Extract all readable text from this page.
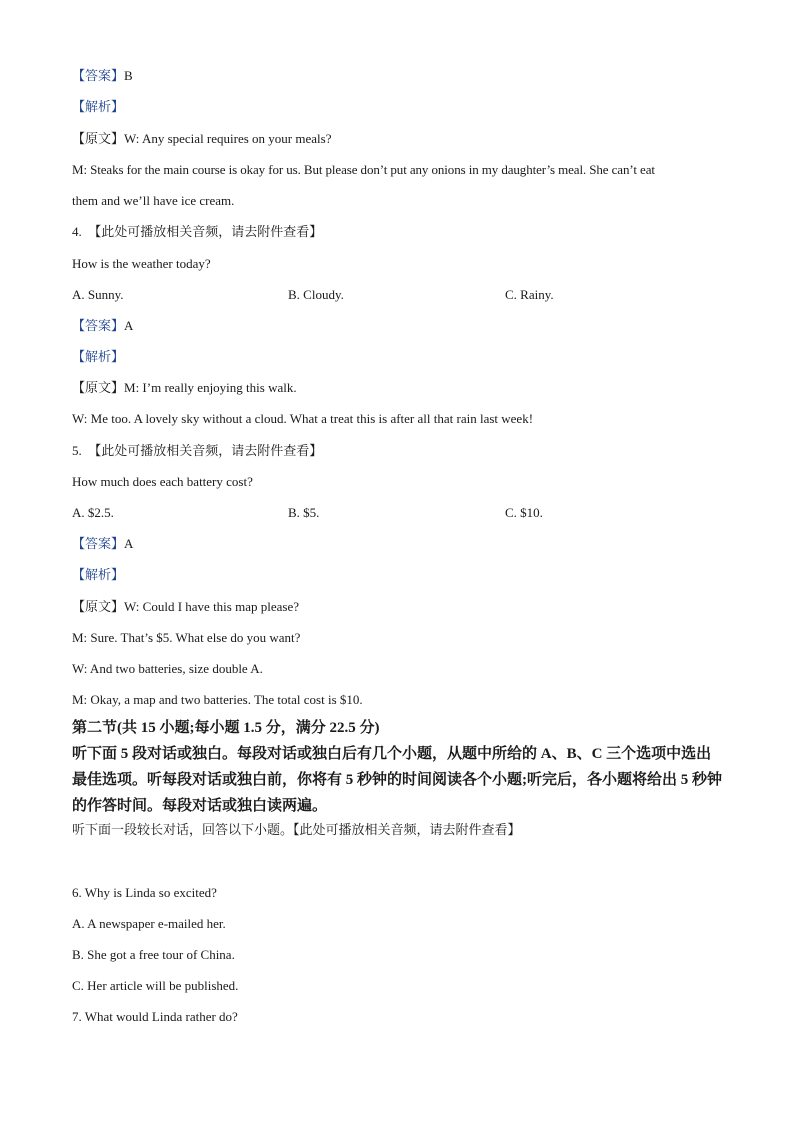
【答案】B
【解析】
【原文】W: Any special requires on your meals?
M: Steaks for the main course is okay for us. But please don’t put any onions in my daughter’s meal. She can’t eat
them and we’ll have ice cream.
4. 【此处可播放相关音频，请去附件查看】
How is the weather today?
A. Sunny.	B. Cloudy.	C. Rainy.
【答案】A
【解析】
【原文】M: I’m really enjoying this walk.
W: Me too. A lovely sky without a cloud. What a treat this is after all that rain last week!
5. 【此处可播放相关音频，请去附件查看】
How much does each battery cost?
A. $2.5.	B. $5.	C. $10.
【答案】A
【解析】
【原文】W: Could I have this map please?
M: Sure. That’s $5. What else do you want?
W: And two batteries, size double A.
M: Okay, a map and two batteries. The total cost is $10.
第二节(共 15 小题;每小题 1.5 分，满分 22.5 分)
听下面 5 段对话或独白。每段对话或独白后有几个小题，从题中所给的 A、B、C 三个选项中选出最佳选项。听每段对话或独白前，你将有 5 秒钟的时间阅读各个小题;听完后，各小题将给出 5 秒钟的作答时间。每段对话或独白读两遍。
听下面一段较长对话，回答以下小题。【此处可播放相关音频，请去附件查看】
6. Why is Linda so excited?
A. A newspaper e-mailed her.
B. She got a free tour of China.
C. Her article will be published.
7. What would Linda rather do?
